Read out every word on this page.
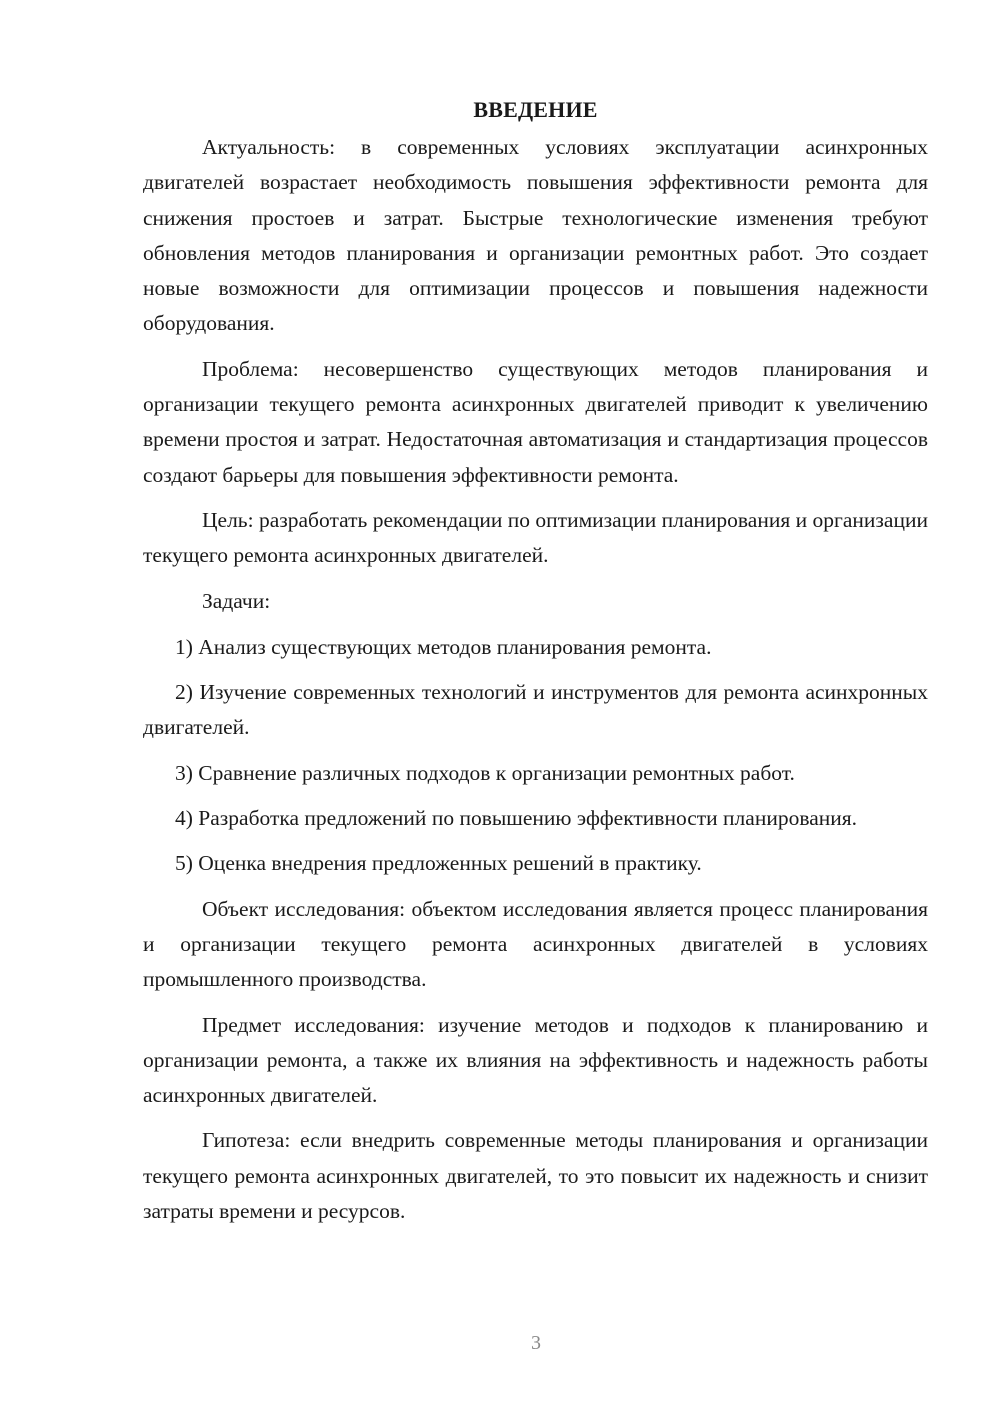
ВВЕДЕНИЕ

Актуальность: в современных условиях эксплуатации асинхронных двигателей возрастает необходимость повышения эффективности ремонта для снижения простоев и затрат. Быстрые технологические изменения требуют обновления методов планирования и организации ремонтных работ. Это создает новые возможности для оптимизации процессов и повышения надежности оборудования.

Проблема: несовершенство существующих методов планирования и организации текущего ремонта асинхронных двигателей приводит к увеличению времени простоя и затрат. Недостаточная автоматизация и стандартизация процессов создают барьеры для повышения эффективности ремонта.

Цель: разработать рекомендации по оптимизации планирования и организации текущего ремонта асинхронных двигателей.

Задачи:

1) Анализ существующих методов планирования ремонта.

2) Изучение современных технологий и инструментов для ремонта асинхронных двигателей.

3) Сравнение различных подходов к организации ремонтных работ.

4) Разработка предложений по повышению эффективности планирования.

5) Оценка внедрения предложенных решений в практику.

Объект исследования: объектом исследования является процесс планирования и организации текущего ремонта асинхронных двигателей в условиях промышленного производства.

Предмет исследования: изучение методов и подходов к планированию и организации ремонта, а также их влияния на эффективность и надежность работы асинхронных двигателей.

Гипотеза: если внедрить современные методы планирования и организации текущего ремонта асинхронных двигателей, то это повысит их надежность и снизит затраты времени и ресурсов.

3
